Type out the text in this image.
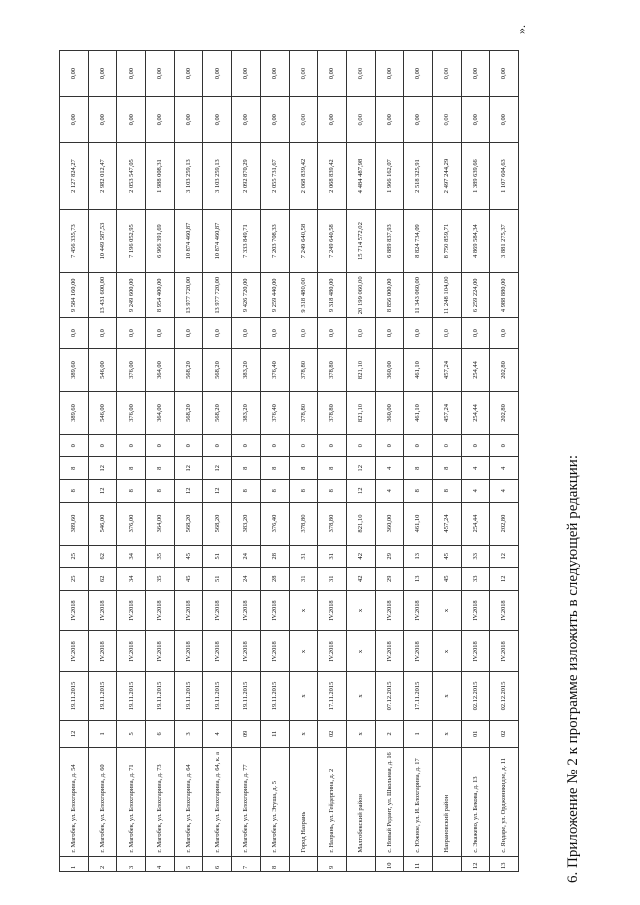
1	г. Магобек, ул. Блохгарииа, д. 54	12	19.11.2015	IV.2018	IV.2018	25	25	389,60	8	8	0	389,60	389,60	0,0	9 584 160,00	7 456 335,73	2 127 824,27	0,00	0,00
2	г. Магобек, ул. Блохгарииа, д. 60	1	19.11.2015	IV.2018	IV.2018	62	62	546,00	12	12	0	546,00	546,00	0,0	13 431 600,00	10 449 587,53	2 982 012,47	0,00	0,00
3	г. Магобек, ул. Блохгарииа, д. 71	5	19.11.2015	IV.2018	IV.2018	34	34	376,00	8	8	0	376,00	376,00	0,0	9 249 600,00	7 196 052,95	2 053 547,05	0,00	0,00
4	г. Магобек, ул. Блохгарииа, д. 73	6	19.11.2015	IV.2018	IV.2018	35	35	364,00	8	8	0	364,00	364,00	0,0	8 954 400,00	6 966 391,69	1 988 008,31	0,00	0,00
5	г. Магобек, ул. Блохгарииа, д. 64	3	19.11.2015	IV.2018	IV.2018	45	45	568,20	12	12	0	568,20	568,20	0,0	13 977 720,00	10 874 460,87	3 103 259,13	0,00	0,00
6	г. Магобек, ул. Блохгарииа, д. 64, к. а	4	19.11.2015	IV.2018	IV.2018	51	51	568,20	12	12	0	568,20	568,20	0,0	13 977 720,00	10 874 460,87	3 103 259,13	0,00	0,00
7	г. Магобек, ул. Блохгарииа, д. 77	09	19.11.2015	IV.2018	IV.2018	24	24	383,20	8	8	0	383,20	383,20	0,0	9 426 720,00	7 333 849,71	2 092 870,29	0,00	0,00
8	г. Магобек, ул. Этуша, д. 5	11	19.11.2015	IV.2018	IV.2018	28	28	376,40	8	8	0	376,40	376,40	0,0	9 259 440,00	7 203 708,33	2 055 731,67	0,00	0,00
	Город Назрань	x	x	x	x	31	31	378,80	8	8	0	378,80	378,80	0,0	9 318 480,00	7 249 640,58	2 068 839,42	0,00	0,00
9	г. Назрань, ул. Гейдергина, д. 2	02	17.11.2015	IV.2018	IV.2018	31	31	378,80	8	8	0	378,80	378,80	0,0	9 318 480,00	7 249 640,58	2 068 839,42	0,00	0,00
	Малгобекский район	x	x	x	x	42	42	821,10	12	12	0	821,10	821,10	0,0	20 199 060,00	15 714 572,02	4 484 487,98	0,00	0,00
10	с. Новый Редант, ул. Школьная, д. 16	2	07.12.2015	IV.2018	IV.2018	29	29	360,00	4	4	0	360,00	360,00	0,0	8 856 000,00	6 889 837,93	1 966 162,07	0,00	0,00
11	с. Южное, ул. И. Блохгарииа, д. 17	1	17.11.2015	IV.2018	IV.2018	13	13	461,10	8	8	0	461,10	461,10	0,0	11 343 060,00	8 824 734,09	2 518 325,91	0,00	0,00
	Назрановский район	x	x	x	x	45	45	457,24	8	8	0	457,24	457,24	0,0	11 248 104,00	8 750 859,71	2 497 244,29	0,00	0,00
12	с. Экажево, ул. Бекова, д. 13	01	02.12.2015	IV.2018	IV.2018	33	33	254,44	4	4	0	254,44	254,44	0,0	6 259 224,00	4 869 584,34	1 389 639,66	0,00	0,00
13	с. Яндаре, ул. Орджоникидзе, д. 11	02	02.12.2015	IV.2018	IV.2018	12	12	202,80	4	4	0	202,80	202,80	0,0	4 988 880,00	3 881 275,37	1 107 604,63	0,00	0,00
6. Приложение № 2 к программе изложить в следующей редакции:
».
